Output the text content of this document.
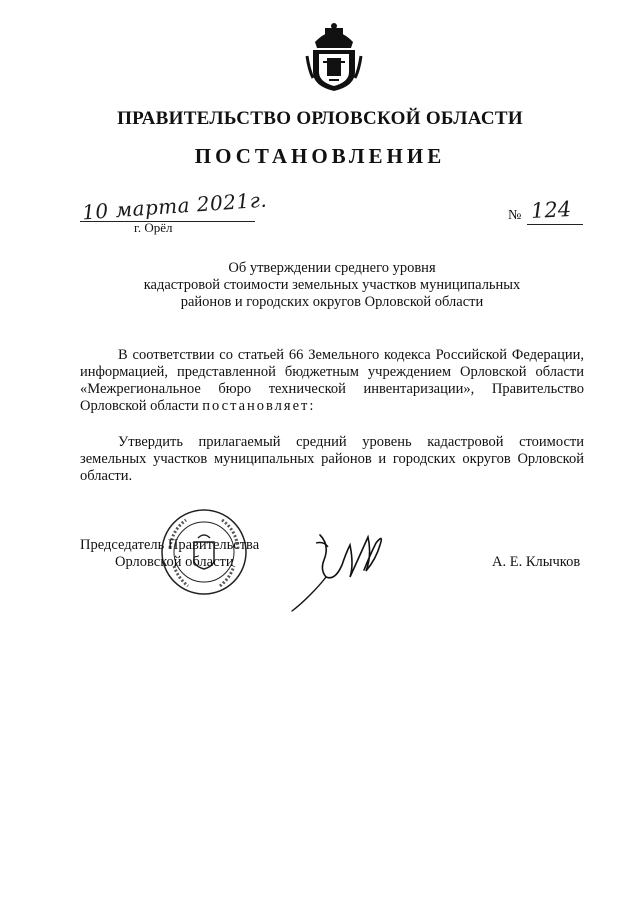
ПРАВИТЕЛЬСТВО ОРЛОВСКОЙ ОБЛАСТИ
ПОСТАНОВЛЕНИЕ
10 марта 2021г.
г. Орёл
№ 124
Об утверждении среднего уровня
кадастровой стоимости земельных участков муниципальных
районов и городских округов Орловской области
В соответствии со статьей 66 Земельного кодекса Российской Федерации, информацией, представленной бюджетным учреждением Орловской области «Межрегиональное бюро технической инвентаризации», Правительство Орловской области постановляет:
Утвердить прилагаемый средний уровень кадастровой стоимости земельных участков муниципальных районов и городских округов Орловской области.
Председатель Правительства
Орловской области	А. Е. Клычков
